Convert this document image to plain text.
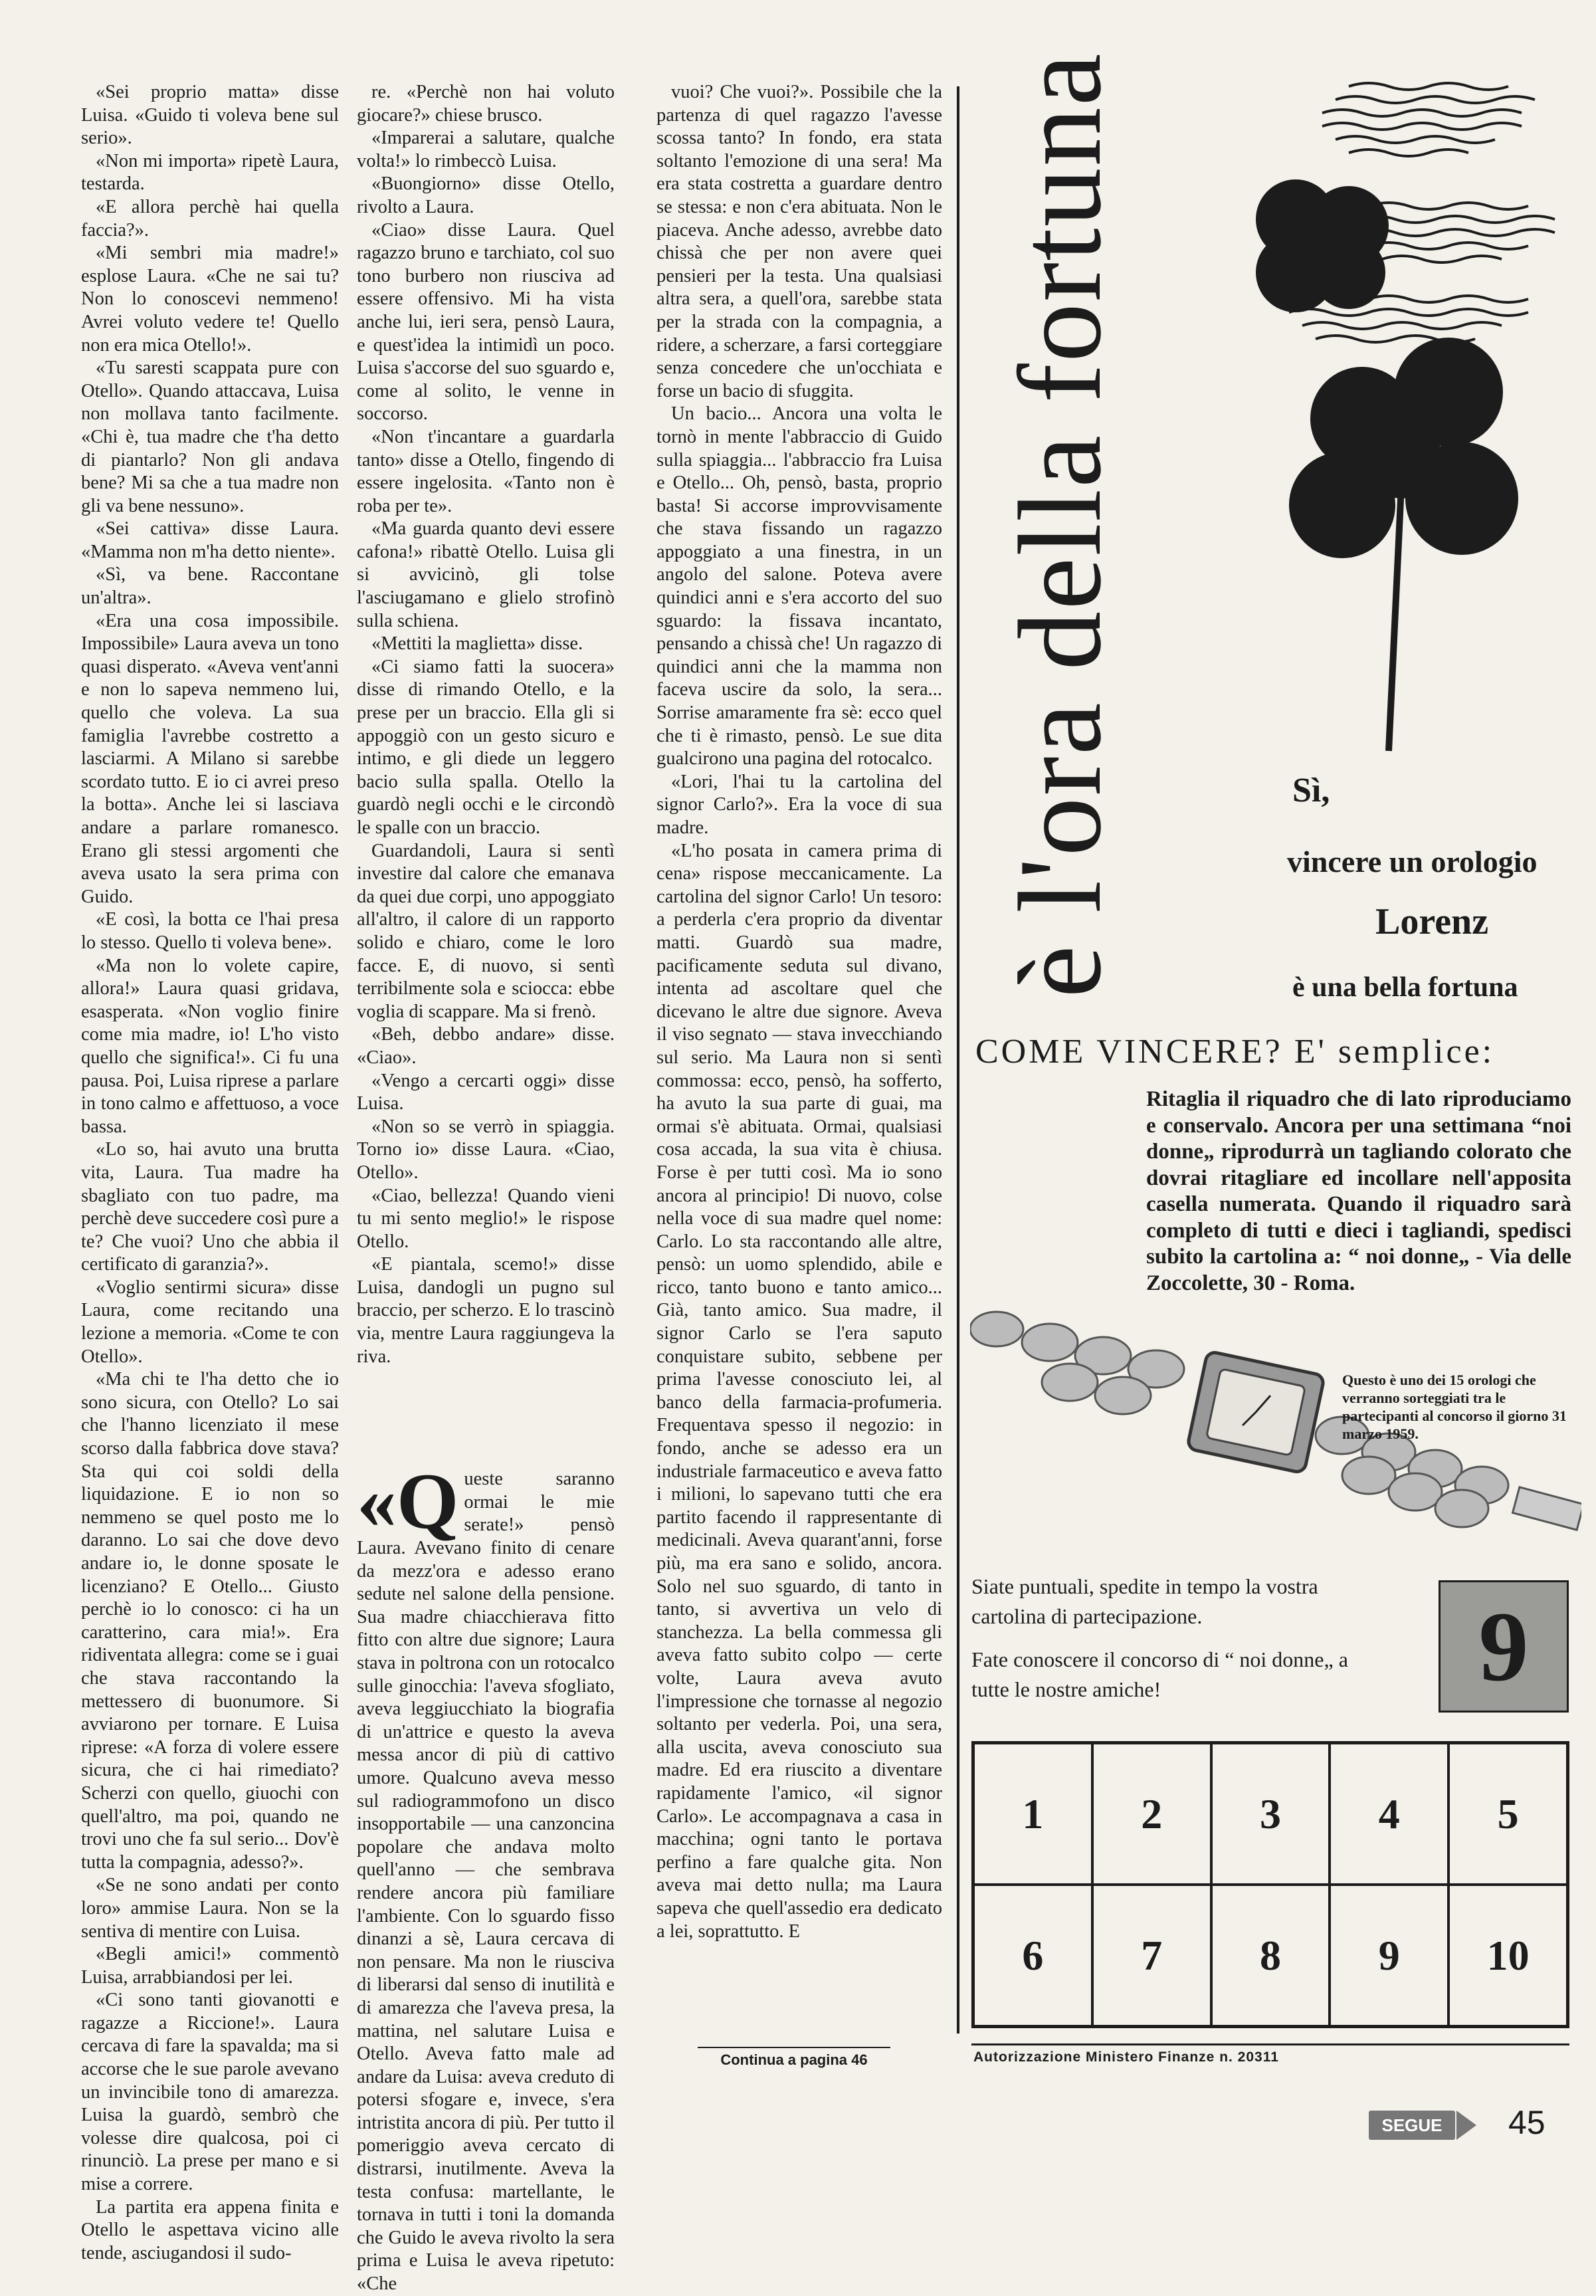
«Sei proprio matta» disse Luisa. «Guido ti voleva bene sul serio».

«Non mi importa» ripetè Laura, testarda.

«E allora perchè hai quella faccia?».

«Mi sembri mia madre!» esplose Laura. «Che ne sai tu? Non lo conoscevi nemmeno! Avrei voluto vedere te! Quello non era mica Otello!».

«Tu saresti scappata pure con Otello». Quando attaccava, Luisa non mollava tanto facilmente. «Chi è, tua madre che t'ha detto di piantarlo? Non gli andava bene? Mi sa che a tua madre non gli va bene nessuno».

«Sei cattiva» disse Laura. «Mamma non m'ha detto niente».

«Sì, va bene. Raccontane un'altra».

«Era una cosa impossibile. Impossibile» Laura aveva un tono quasi disperato. «Aveva vent'anni e non lo sapeva nemmeno lui, quello che voleva. La sua famiglia l'avrebbe costretto a lasciarmi. A Milano si sarebbe scordato tutto. E io ci avrei preso la botta». Anche lei si lasciava andare a parlare romanesco. Erano gli stessi argomenti che aveva usato la sera prima con Guido.

«E così, la botta ce l'hai presa lo stesso. Quello ti voleva bene».

«Ma non lo volete capire, allora!» Laura quasi gridava, esasperata. «Non voglio finire come mia madre, io! L'ho visto quello che significa!». Ci fu una pausa. Poi, Luisa riprese a parlare in tono calmo e affettuoso, a voce bassa.

«Lo so, hai avuto una brutta vita, Laura. Tua madre ha sbagliato con tuo padre, ma perchè deve succedere così pure a te? Che vuoi? Uno che abbia il certificato di garanzia?».

«Voglio sentirmi sicura» disse Laura, come recitando una lezione a memoria. «Come te con Otello».

«Ma chi te l'ha detto che io sono sicura, con Otello? Lo sai che l'hanno licenziato il mese scorso dalla fabbrica dove stava? Sta qui coi soldi della liquidazione. E io non so nemmeno se quel posto me lo daranno. Lo sai che dove devo andare io, le donne sposate le licenziano? E Otello... Giusto perchè io lo conosco: ci ha un caratterino, cara mia!». Era ridiventata allegra: come se i guai che stava raccontando la mettessero di buonumore. Si avviarono per tornare. E Luisa riprese: «A forza di volere essere sicura, che ci hai rimediato? Scherzi con quello, giuochi con quell'altro, ma poi, quando ne trovi uno che fa sul serio... Dov'è tutta la compagnia, adesso?».

«Se ne sono andati per conto loro» ammise Laura. Non se la sentiva di mentire con Luisa.

«Begli amici!» commentò Luisa, arrabbiandosi per lei.

«Ci sono tanti giovanotti e ragazze a Riccione!». Laura cercava di fare la spavalda; ma si accorse che le sue parole avevano un invincibile tono di amarezza. Luisa la guardò, sembrò che volesse dire qualcosa, poi ci rinunciò. La prese per mano e si mise a correre.

La partita era appena finita e Otello le aspettava vicino alle tende, asciugandosi il sudo-

re. «Perchè non hai voluto giocare?» chiese brusco.

«Imparerai a salutare, qualche volta!» lo rimbeccò Luisa.

«Buongiorno» disse Otello, rivolto a Laura.

«Ciao» disse Laura. Quel ragazzo bruno e tarchiato, col suo tono burbero non riusciva ad essere offensivo. Mi ha vista anche lui, ieri sera, pensò Laura, e quest'idea la intimidì un poco. Luisa s'accorse del suo sguardo e, come al solito, le venne in soccorso.

«Non t'incantare a guardarla tanto» disse a Otello, fingendo di essere ingelosita. «Tanto non è roba per te».

«Ma guarda quanto devi essere cafona!» ribattè Otello. Luisa gli si avvicinò, gli tolse l'asciugamano e glielo strofinò sulla schiena.

«Mettiti la maglietta» disse.

«Ci siamo fatti la suocera» disse di rimando Otello, e la prese per un braccio. Ella gli si appoggiò con un gesto sicuro e intimo, e gli diede un leggero bacio sulla spalla. Otello la guardò negli occhi e le circondò le spalle con un braccio.

Guardandoli, Laura si sentì investire dal calore che emanava da quei due corpi, uno appoggiato all'altro, il calore di un rapporto solido e chiaro, come le loro facce. E, di nuovo, si sentì terribilmente sola e sciocca: ebbe voglia di scappare. Ma si frenò.

«Beh, debbo andare» disse. «Ciao».

«Vengo a cercarti oggi» disse Luisa.

«Non so se verrò in spiaggia. Torno io» disse Laura. «Ciao, Otello».

«Ciao, bellezza! Quando vieni tu mi sento meglio!» le risposе Otello.

«E piantala, scemo!» disse Luisa, dandogli un pugno sul braccio, per scherzo. E lo trascinò via, mentre Laura raggiungeva la riva.

«Queste saranno ormai le mie serate!» pensò Laura. Avevano finito di cenare da mezz'ora e adesso erano sedute nel salone della pensione. Sua madre chiacchierava fitto fitto con altre due signore; Laura stava in poltrona con un rotocalco sulle ginocchia: l'aveva sfogliato, aveva leggiucchiato la biografia di un'attrice e questo la aveva messa ancor di più di cattivo umore. Qualcuno aveva messo sul radiogrammofono un disco insopportabile — una canzoncina popolare che andava molto quell'anno — che sembrava rendere ancora più familiare l'ambiente. Con lo sguardo fisso dinanzi a sè, Laura cercava di non pensare. Ma non le riusciva di liberarsi dal senso di inutilità e di amarezza che l'aveva presa, la mattina, nel salutare Luisa e Otello. Aveva fatto male ad andare da Luisa: aveva creduto di potersi sfogare e, invece, s'era intristita ancora di più. Per tutto il pomeriggio aveva cercato di distrarsi, inutilmente. Aveva la testa confusa: martellante, le tornava in tutti i toni la domanda che Guido le aveva rivolto la sera prima e Luisa le aveva ripetuto: «Che

vuoi? Che vuoi?». Possibile che la partenza di quel ragazzo l'avesse scossa tanto? In fondo, era stata soltanto l'emozione di una sera! Ma era stata costretta a guardare dentro se stessa: e non c'era abituata. Non le piaceva. Anche adesso, avrebbe dato chissà che per non avere quei pensieri per la testa. Una qualsiasi altra sera, a quell'ora, sarebbe stata per la strada con la compagnia, a ridere, a scherzare, a farsi corteggiare senza concedere che un'occhiata e forse un bacio di sfuggita.

Un bacio... Ancora una volta le tornò in mente l'abbraccio di Guido sulla spiaggia... l'abbraccio fra Luisa e Otello... Oh, pensò, basta, proprio basta! Si accorse improvvisamente che stava fissando un ragazzo appoggiato a una finestra, in un angolo del salone. Poteva avere quindici anni e s'era accorto del suo sguardo: la fissava incantato, pensando a chissà che! Un ragazzo di quindici anni che la mamma non faceva uscire da solo, la sera... Sorrise amaramente fra sè: ecco quel che ti è rimasto, pensò. Le sue dita gualcirono una pagina del rotocalco.

«Lori, l'hai tu la cartolina del signor Carlo?». Era la voce di sua madre.

«L'ho posata in camera prima di cena» rispose meccanicamente. La cartolina del signor Carlo! Un tesoro: a perderla c'era proprio da diventar matti. Guardò sua madre, pacificamente seduta sul divano, intenta ad ascoltare quel che dicevano le altre due signore. Aveva il viso segnato — stava invecchiando sul serio. Ma Laura non si sentì commossa: ecco, pensò, ha sofferto, ha avuto la sua parte di guai, ma ormai s'è abituata. Ormai, qualsiasi cosa accada, la sua vita è chiusa. Forse è per tutti così. Ma io sono ancora al principio! Di nuovo, colse nella voce di sua madre quel nome: Carlo. Lo sta raccontando alle altre, pensò: un uomo splendido, abile e ricco, tanto buono e tanto amico... Già, tanto amico. Sua madre, il signor Carlo se l'era saputo conquistare subito, sebbene per prima l'avesse conosciuto lei, al banco della farmacia-profumeria. Frequentava spesso il negozio: in fondo, anche se adesso era un industriale farmaceutico e aveva fatto i milioni, lo sapevano tutti che era partito facendo il rappresentante di medicinali. Aveva quarant'anni, forse più, ma era sano e solido, ancora. Solo nel suo sguardo, di tanto in tanto, si avvertiva un velo di stanchezza. La bella commessa gli aveva fatto subito colpo — certe volte, Laura aveva avuto l'impressione che tornasse al negozio soltanto per vederla. Poi, una sera, alla uscita, aveva conosciuto sua madre. Ed era riuscito a diventare rapidamente l'amico, «il signor Carlo». Le accompagnava a casa in macchina; ogni tanto le portava perfino a fare qualche gita. Non aveva mai detto nulla; ma Laura sapeva che quell'assedio era dedicato a lei, soprattutto. E

Continua a pagina 46
è l'ora della fortuna	Sì,
vincere un orologio
Lorenz
è una bella fortuna
COME VINCERE? E' semplice:
Ritaglia il riquadro che di lato riproduciamo e conservalo. Ancora per una settimana “noi donne„ riprodurrà un tagliando colorato che dovrai ritagliare ed incollare nell'apposita casella numerata. Quando il riquadro sarà completo di tutti e dieci i tagliandi, spedisci subito la cartolina a: “ noi donne„ - Via delle Zoccolette, 30 - Roma.
Questo è uno dei 15 orologi che verranno sorteggiati tra le partecipanti al concorso il giorno 31 marzo 1959.

Siate puntuali, spedite in tempo la vostra cartolina di partecipazione.

Fate conoscere il concorso di “ noi donne„ a tutte le nostre amiche!	9
1	2	3	4	5
6	7	8	9	10
Autorizzazione Ministero Finanze n. 20311
SEGUE	45
